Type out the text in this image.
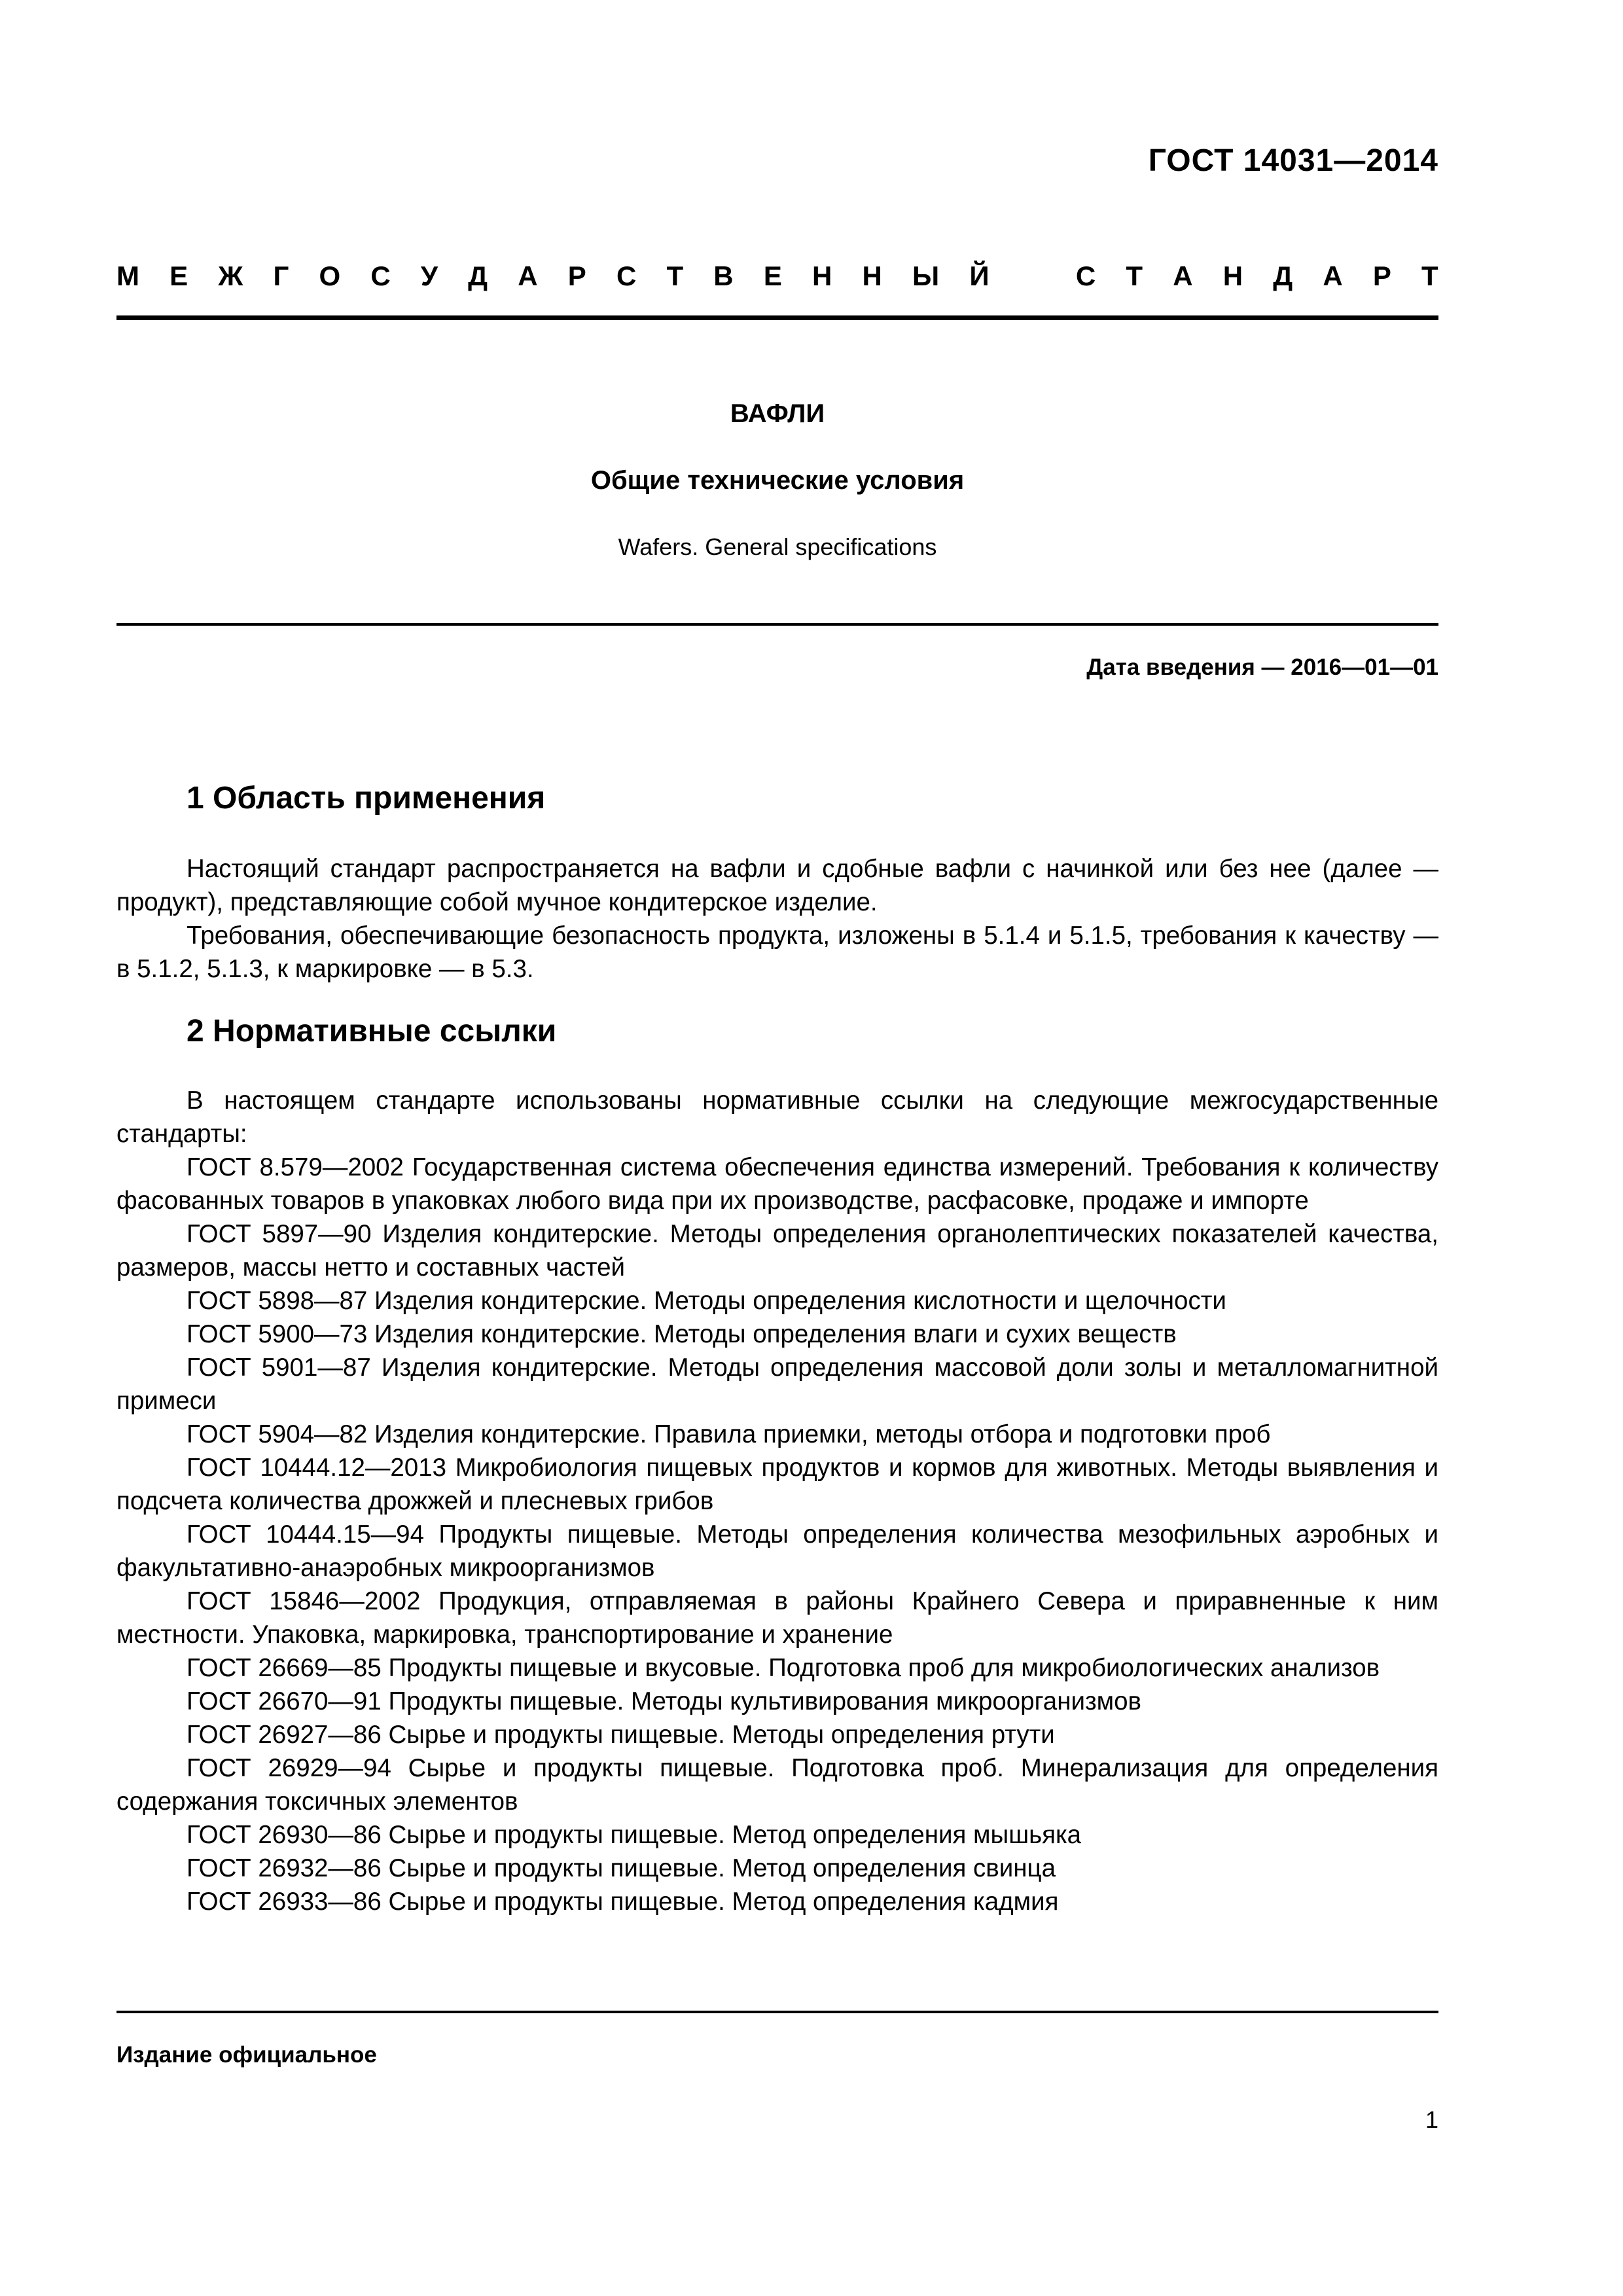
ГОСТ 14031—2014
М Е Ж Г О С У Д А Р С Т В Е Н Н Ы Й	С Т А Н Д А Р Т
ВАФЛИ
Общие технические условия
Wafers. General specifications
Дата введения — 2016—01—01
1 Область применения

Настоящий стандарт распространяется на вафли и сдобные вафли с начинкой или без нее (далее — продукт), представляющие собой мучное кондитерское изделие.

Требования, обеспечивающие безопасность продукта, изложены в 5.1.4 и 5.1.5, требования к качеству — в 5.1.2, 5.1.3, к маркировке — в 5.3.

2 Нормативные ссылки

В настоящем стандарте использованы нормативные ссылки на следующие межгосударственные стандарты:

ГОСТ 8.579—2002 Государственная система обеспечения единства измерений. Требования к количеству фасованных товаров в упаковках любого вида при их производстве, расфасовке, продаже и импорте

ГОСТ 5897—90 Изделия кондитерские. Методы определения органолептических показателей качества, размеров, массы нетто и составных частей

ГОСТ 5898—87 Изделия кондитерские. Методы определения кислотности и щелочности

ГОСТ 5900—73 Изделия кондитерские. Методы определения влаги и сухих веществ

ГОСТ 5901—87 Изделия кондитерские. Методы определения массовой доли золы и металломагнитной примеси

ГОСТ 5904—82 Изделия кондитерские. Правила приемки, методы отбора и подготовки проб

ГОСТ 10444.12—2013 Микробиология пищевых продуктов и кормов для животных. Методы выявления и подсчета количества дрожжей и плесневых грибов

ГОСТ 10444.15—94 Продукты пищевые. Методы определения количества мезофильных аэробных и факультативно-анаэробных микроорганизмов

ГОСТ 15846—2002 Продукция, отправляемая в районы Крайнего Севера и приравненные к ним местности. Упаковка, маркировка, транспортирование и хранение

ГОСТ 26669—85 Продукты пищевые и вкусовые. Подготовка проб для микробиологических анализов

ГОСТ 26670—91 Продукты пищевые. Методы культивирования микроорганизмов

ГОСТ 26927—86 Сырье и продукты пищевые. Методы определения ртути

ГОСТ 26929—94 Сырье и продукты пищевые. Подготовка проб. Минерализация для определения содержания токсичных элементов

ГОСТ 26930—86 Сырье и продукты пищевые. Метод определения мышьяка

ГОСТ 26932—86 Сырье и продукты пищевые. Метод определения свинца

ГОСТ 26933—86 Сырье и продукты пищевые. Метод определения кадмия

Издание официальное
1
